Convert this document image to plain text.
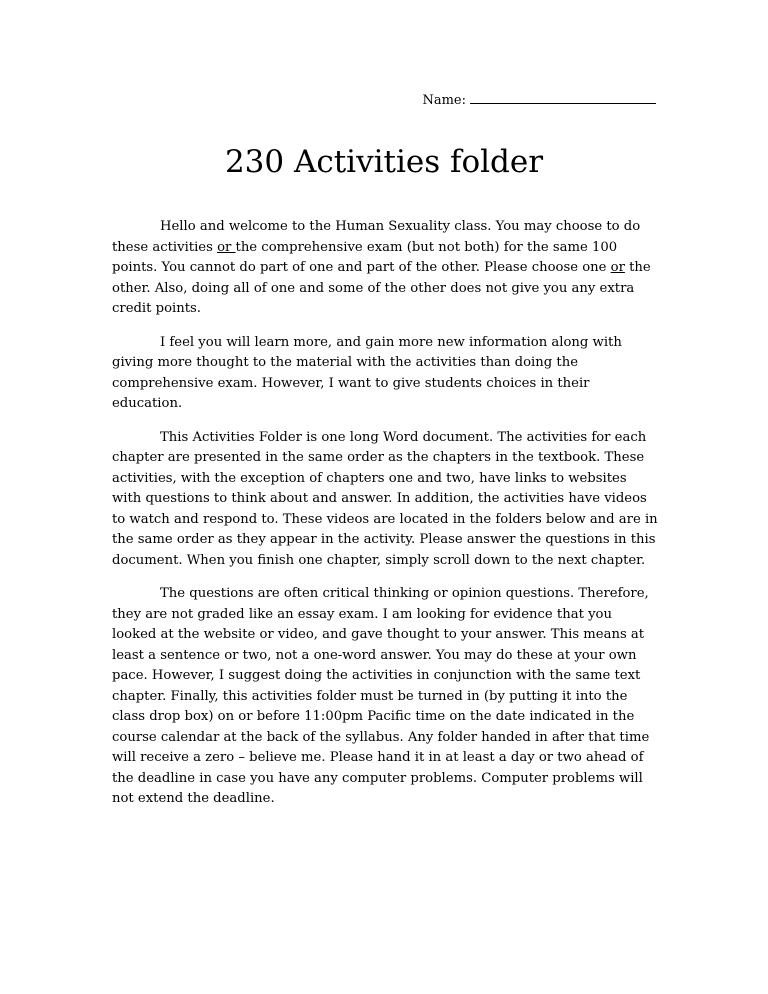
Name:
230 Activities folder

Hello and welcome to the Human Sexuality class. You may choose to do these activities or the comprehensive exam (but not both) for the same 100 points. You cannot do part of one and part of the other. Please choose one or the other. Also, doing all of one and some of the other does not give you any extra credit points.

I feel you will learn more, and gain more new information along with giving more thought to the material with the activities than doing the comprehensive exam. However, I want to give students choices in their education.

This Activities Folder is one long Word document. The activities for each chapter are presented in the same order as the chapters in the textbook. These activities, with the exception of chapters one and two, have links to websites with questions to think about and answer. In addition, the activities have videos to watch and respond to. These videos are located in the folders below and are in the same order as they appear in the activity. Please answer the questions in this document. When you finish one chapter, simply scroll down to the next chapter.

The questions are often critical thinking or opinion questions. Therefore, they are not graded like an essay exam. I am looking for evidence that you looked at the website or video, and gave thought to your answer. This means at least a sentence or two, not a one-word answer. You may do these at your own pace. However, I suggest doing the activities in conjunction with the same text chapter. Finally, this activities folder must be turned in (by putting it into the class drop box) on or before 11:00pm Pacific time on the date indicated in the course calendar at the back of the syllabus. Any folder handed in after that time will receive a zero – believe me. Please hand it in at least a day or two ahead of the deadline in case you have any computer problems. Computer problems will not extend the deadline.
